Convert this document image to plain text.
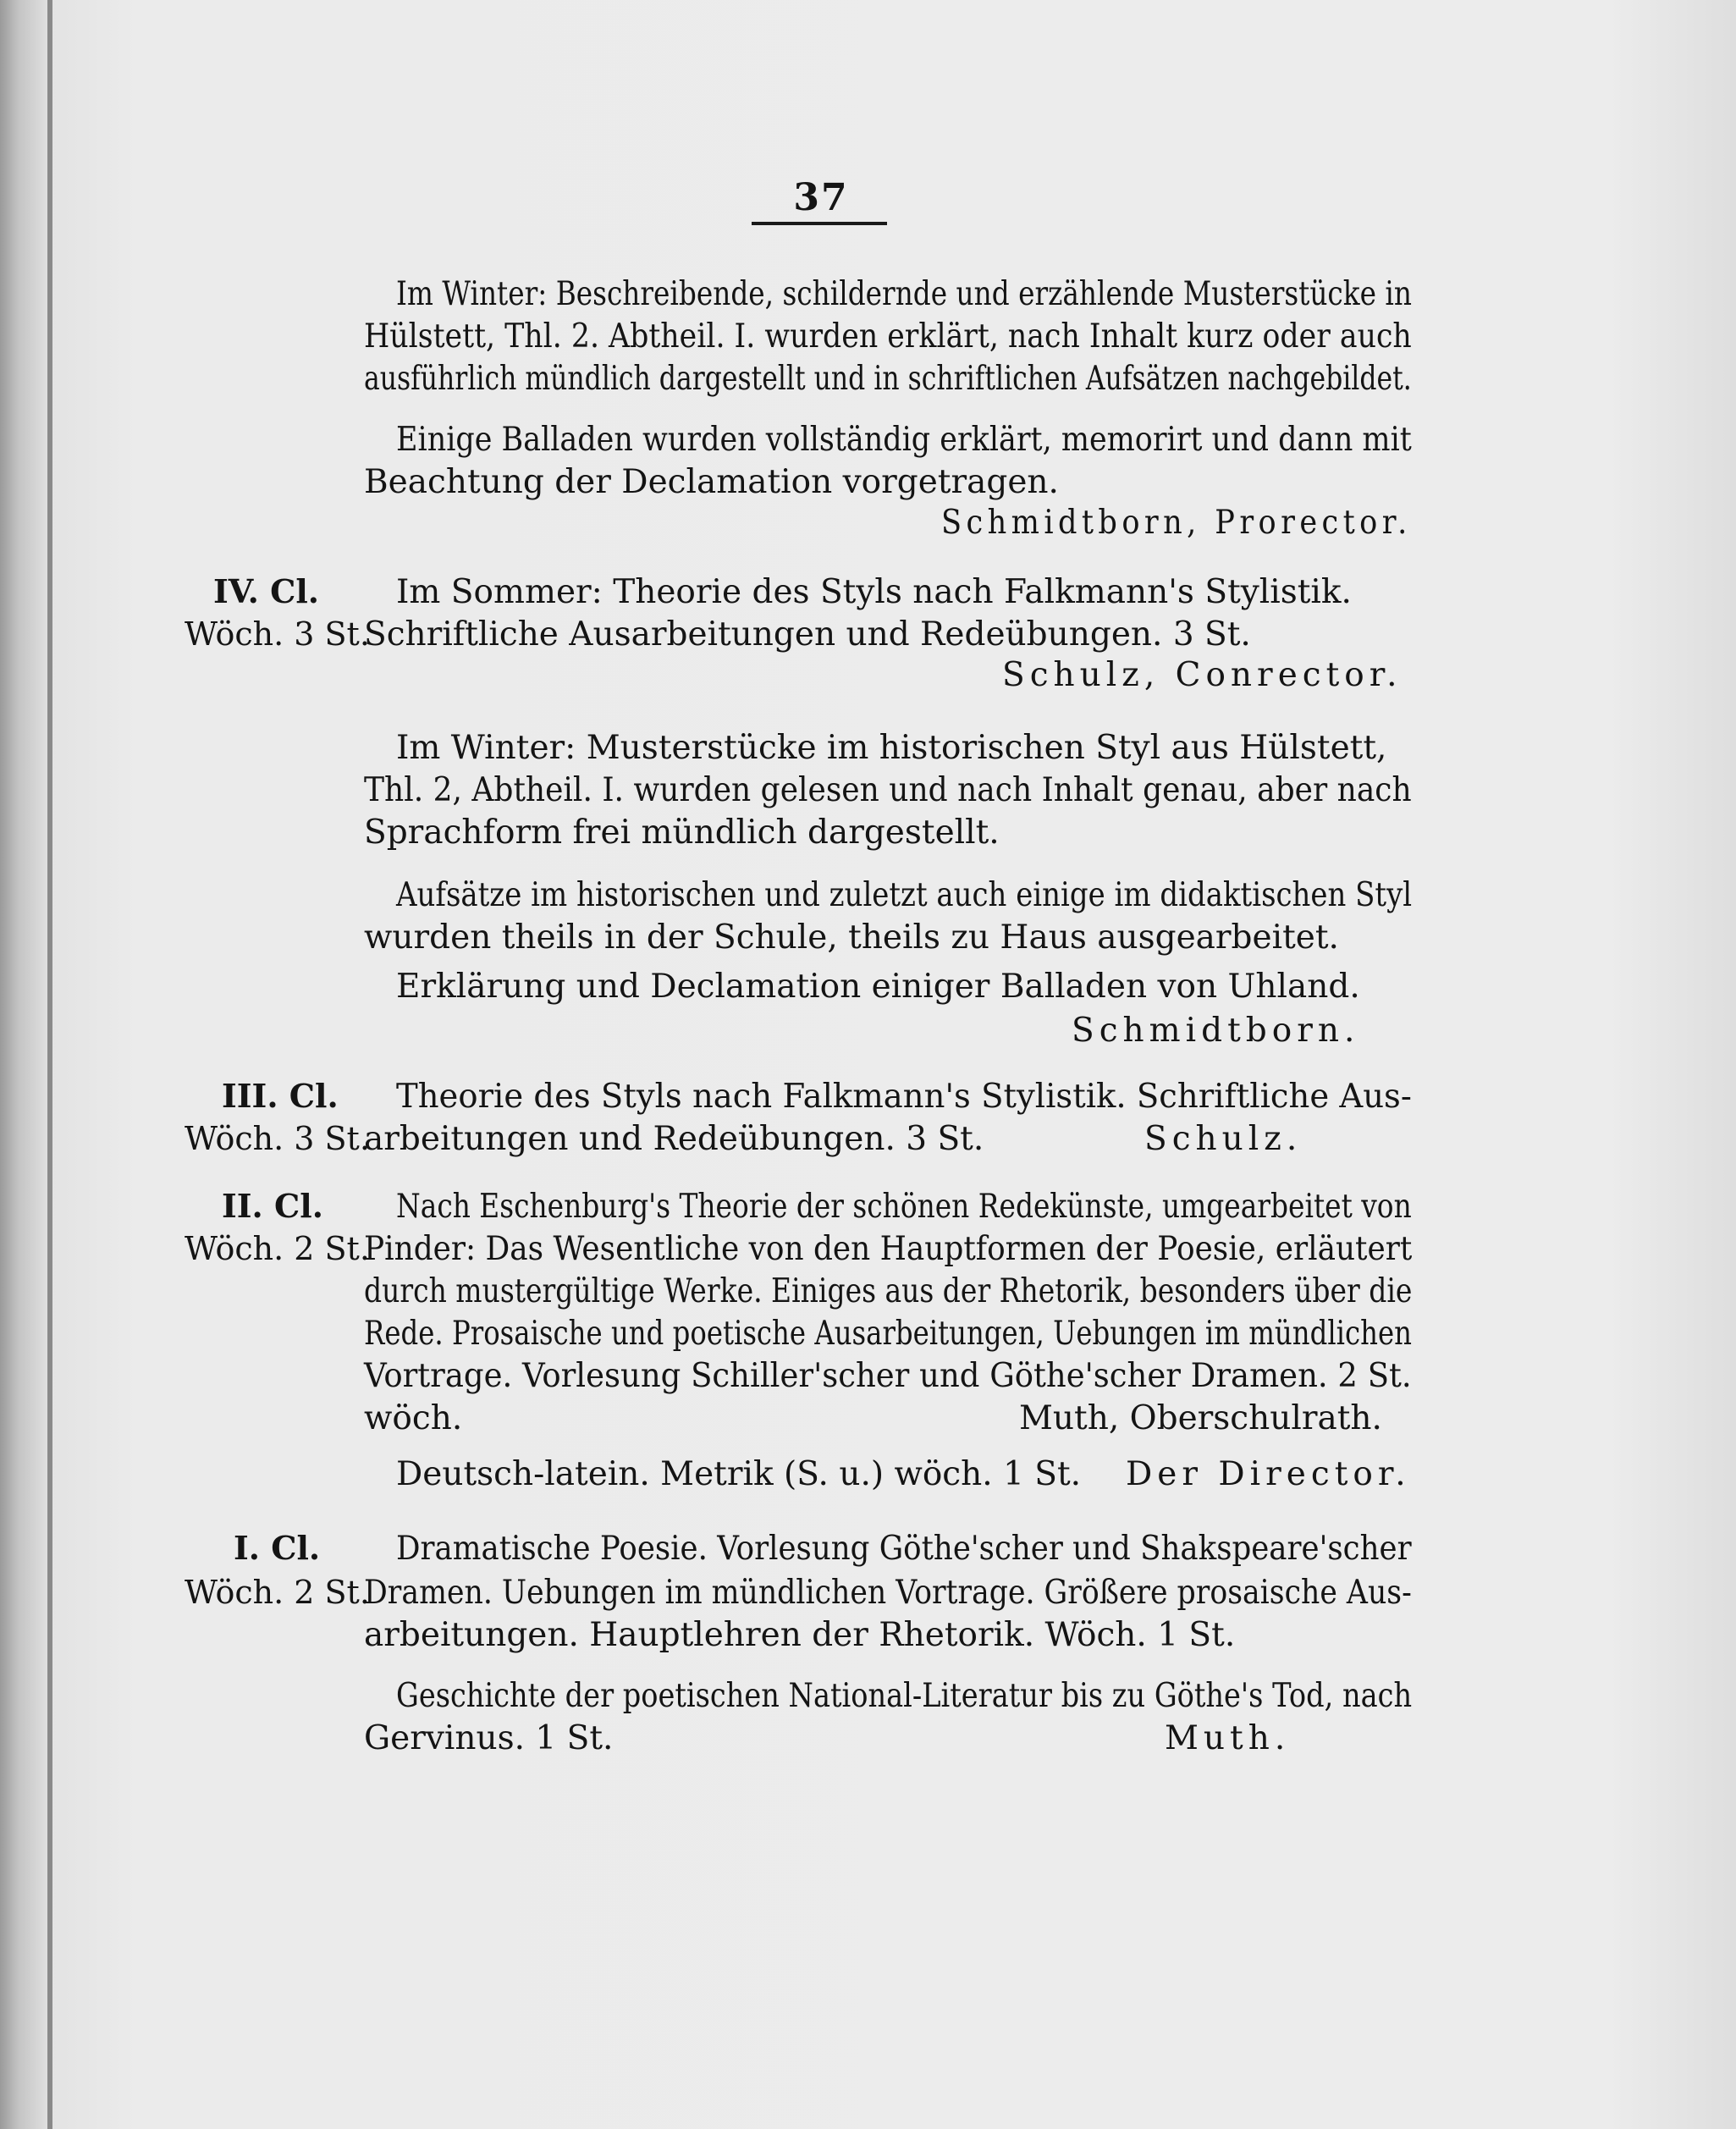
37
Im Winter: Beschreibende, schildernde und erzählende Musterstücke in
Hülstett, Thl. 2. Abtheil. I. wurden erklärt, nach Inhalt kurz oder auch
ausführlich mündlich dargestellt und in schriftlichen Aufsätzen nachgebildet.
Einige Balladen wurden vollständig erklärt, memorirt und dann mit
Beachtung der Declamation vorgetragen.
Schmidtborn, Prorector.
IV. Cl.
Wöch. 3 St.
Im Sommer: Theorie des Styls nach Falkmann's Stylistik.
Schriftliche Ausarbeitungen und Redeübungen. 3 St.
Schulz, Conrector.
Im Winter: Musterstücke im historischen Styl aus Hülstett,
Thl. 2, Abtheil. I. wurden gelesen und nach Inhalt genau, aber nach
Sprachform frei mündlich dargestellt.
Aufsätze im historischen und zuletzt auch einige im didaktischen Styl
wurden theils in der Schule, theils zu Haus ausgearbeitet.
Erklärung und Declamation einiger Balladen von Uhland.
Schmidtborn.
III. Cl.
Wöch. 3 St.
Theorie des Styls nach Falkmann's Stylistik. Schriftliche Aus-
arbeitungen und Redeübungen. 3 St.	Schulz.
II. Cl.
Wöch. 2 St.
Nach Eschenburg's Theorie der schönen Redekünste, umgearbeitet von
Pinder: Das Wesentliche von den Hauptformen der Poesie, erläutert
durch mustergültige Werke. Einiges aus der Rhetorik, besonders über die
Rede. Prosaische und poetische Ausarbeitungen, Uebungen im mündlichen
Vortrage. Vorlesung Schiller'scher und Göthe'scher Dramen. 2 St.
wöch.	Muth, Oberschulrath.
Deutsch-latein. Metrik (S. u.) wöch. 1 St. Der Director.
I. Cl.
Wöch. 2 St.
Dramatische Poesie. Vorlesung Göthe'scher und Shakspeare'scher
Dramen. Uebungen im mündlichen Vortrage. Größere prosaische Aus-
arbeitungen. Hauptlehren der Rhetorik. Wöch. 1 St.
Geschichte der poetischen National-Literatur bis zu Göthe's Tod, nach
Gervinus. 1 St.	Muth.
